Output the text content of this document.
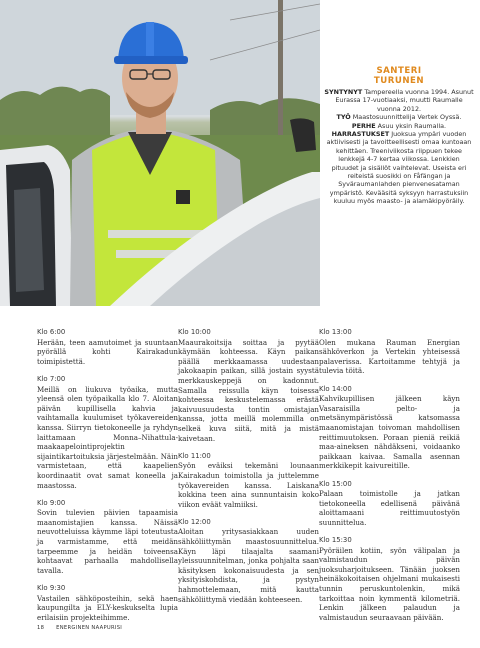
SANTERI
TURUNEN
SYNTYNYT Tampereella vuonna 1994. Asunut Eurassa 17-vuotiaaksi, muutti Raumalle vuonna 2012.
TYÖ Maastosuunnittelija Vertek Oyssä.
PERHE Asuu yksin Raumalla.
HARRASTUKSET Juoksua ympäri vuoden aktiivisesti ja tavoitteellisesti omaa kuntoaan kehittäen. Treeniviikosta riippuen tekee lenkkejä 4-7 kertaa viikossa. Lenkkien pituudet ja sisällöt vaihtelevat. Useista eri reiteistä suosikki on Fåfängan ja Syväraumanlahden pienvenesataman ympäristö. Kevääsitä syksyyn harrastuksiin kuuluu myös maasto- ja alamäkipyöräily.
Klo 6:00
Herään, teen aamutoimet ja suuntaan pyörällä kohti Kairakadun toimipistettä.
Klo 7:00
Meillä on liukuva työaika, mutta yleensä olen työpaikalla klo 7. Aloitan päivän kupillisella kahvia ja vaihtamalla kuulumiset työkavereiden kanssa. Siirryn tietokoneelle ja ryhdyn laittamaan Monnа–Nihattula-maakaapelointiprojektin sijaintikartoituksia järjestelmään. Näin varmistetaan, että kaapelien koordinaatit ovat samat koneella ja maastossa.
Klo 9:00
Sovin tulevien päivien tapaamisia maanomistajien kanssa. Näissä neuvotteluissa käymme läpi toteutusta ja varmistamme, että meidän tarpeemme ja heidän toiveensa kohtaavat parhaalla mahdollisella tavalla.
Klo 9:30
Vastailen sähköposteihin, sekä haen kaupungilta ja ELY-keskukselta lupia erilaisiin projekteihimme.
Klo 10:00
Maaurakoitsija soittaa ja pyytää käymään kohteessa. Käyn paikan päällä merkkaamassa uudestaan jakokaapin paikan, sillä jostain syystä merkkauskeppejä on kadonnut. Samalla reissulla käyn toisessa kohteessa keskustelemassa erästä kaivuusuudesta tontin omistajan kanssa, jotta meillä molemmilla on selkeä kuva siitä, mitä ja mistä kaivetaan.
Klo 11:00
Syön eväiksi tekemäni lounaan Kairakadun toimistolla ja juttelemme työkavereiden kanssa. Laiskana kokkina teen aina sunnuntaisin koko viikon eväät valmiiksi.
Klo 12:00
Aloitan yritysasiakkaan uuden sähköliittymän maastosuunnittelua. Käyn läpi tilaajalta saamani yleissuunnitelman, jonka pohjalta saan käsityksen kokonaisuudesta ja sen yksityiskohdista, ja pystyn hahmottelemaan, mitä kautta sähköliittymä viedään kohteeseen.
Klo 13:00
Olen mukana Rauman Energian sähköverkon ja Vertekin yhteisessä palaverissa. Kartoitamme tehtyjä ja tulevia töitä.
Klo 14:00
Kahvikupillisen jälkeen käyn Vasaraisilla pelto- ja metsänympäristössä katsomassa maanomistajan toivoman mahdollisen reittimuutoksen. Poraan pieniä reikiä maa-aineksen nähdäkseni, voidaanko paikkaan kaivaa. Samalla asennan merkkikepit kaivureitille.
Klo 15:00
Palaan toimistolle ja jatkan tietokoneella edellisenä päivänä aloittamaani reittimuutostyön suunnittelua.
Klo 15:30
Pyöräilen kotiin, syön välipalan ja valmistaudun päivän juoksuharjoitukseen. Tänään juoksen heinäkokoitaisen ohjelmani mukaisesti tunnin peruskuntolenkin, mikä tarkoittaa noin kymmentä kilometriä. Lenkin jälkeen palaudun ja valmistaudun seuraavaan päivään.
18 ENERGINEN NAAPURISI
